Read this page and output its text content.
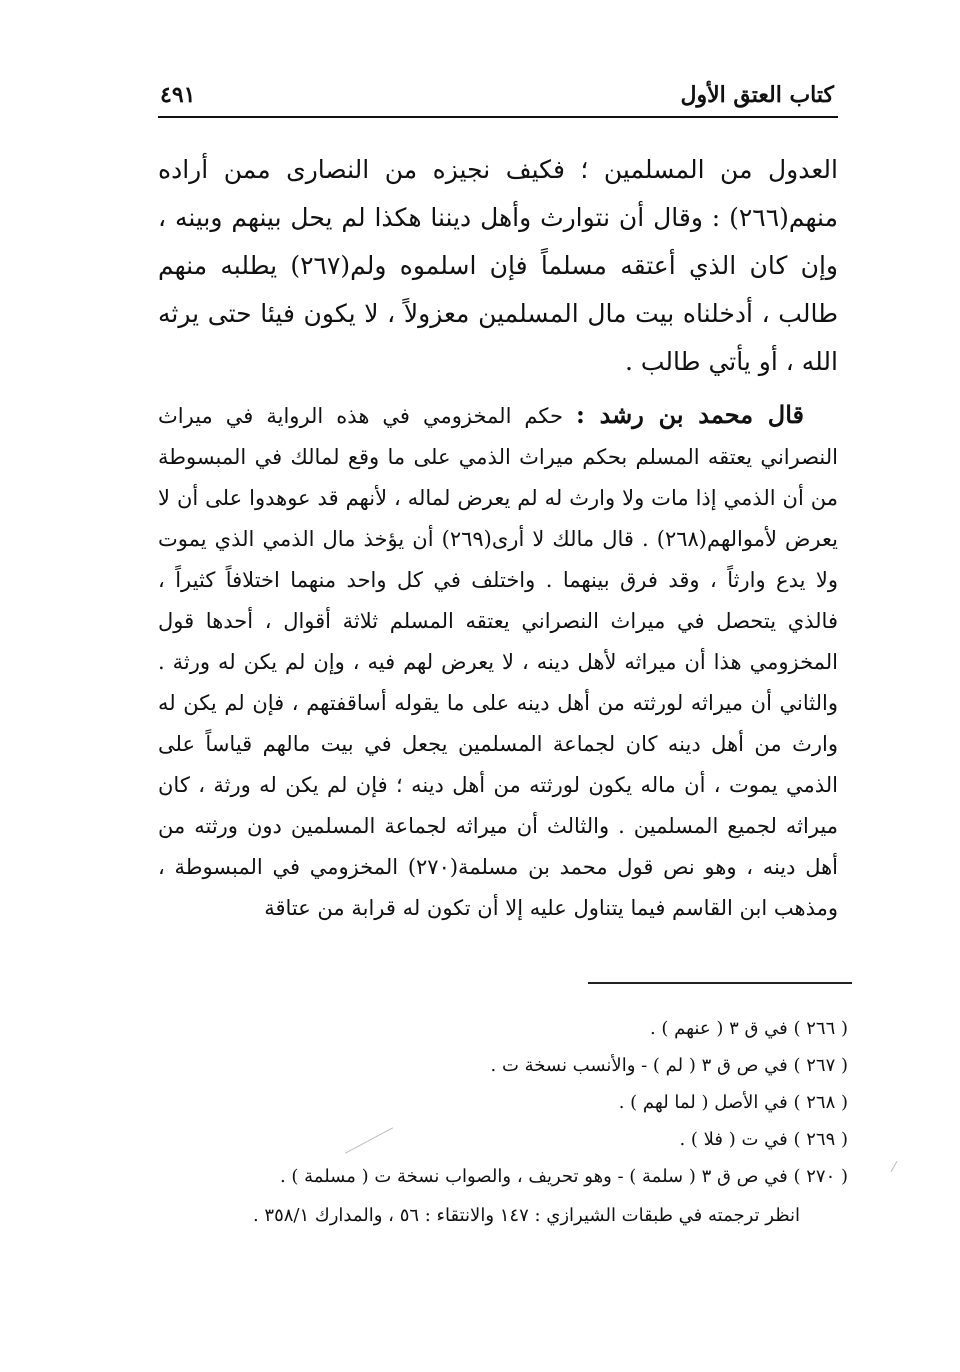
كتاب العتق الأول
٤٩١

العدول من المسلمين ؛ فكيف نجيزه من النصارى ممن أراده منهم(٢٦٦) : وقال أن نتوارث وأهل ديننا هكذا لم يحل بينهم وبينه ، وإن كان الذي أعتقه مسلماً فإن اسلموه ولم(٢٦٧) يطلبه منهم طالب ، أدخلناه بيت مال المسلمين معزولاً ، لا يكون فيئا حتى يرثه الله ، أو يأتي طالب .

قال محمد بن رشد : حكم المخزومي في هذه الرواية في ميراث النصراني يعتقه المسلم بحكم ميراث الذمي على ما وقع لمالك في المبسوطة من أن الذمي إذا مات ولا وارث له لم يعرض لماله ، لأنهم قد عوهدوا على أن لا يعرض لأموالهم(٢٦٨) . قال مالك لا أرى(٢٦٩) أن يؤخذ مال الذمي الذي يموت ولا يدع وارثاً ، وقد فرق بينهما . واختلف في كل واحد منهما اختلافاً كثيراً ، فالذي يتحصل في ميراث النصراني يعتقه المسلم ثلاثة أقوال ، أحدها قول المخزومي هذا أن ميراثه لأهل دينه ، لا يعرض لهم فيه ، وإن لم يكن له ورثة . والثاني أن ميراثه لورثته من أهل دينه على ما يقوله أساقفتهم ، فإن لم يكن له وارث من أهل دينه كان لجماعة المسلمين يجعل في بيت مالهم قياساً على الذمي يموت ، أن ماله يكون لورثته من أهل دينه ؛ فإن لم يكن له ورثة ، كان ميراثه لجميع المسلمين . والثالث أن ميراثه لجماعة المسلمين دون ورثته من أهل دينه ، وهو نص قول محمد بن مسلمة(٢٧٠) المخزومي في المبسوطة ، ومذهب ابن القاسم فيما يتناول عليه إلا أن تكون له قرابة من عتاقة

( ٢٦٦ ) في ق ٣ ( عنهم ) .

( ٢٦٧ ) في ص ق ٣ ( لم ) - والأنسب نسخة ت .

( ٢٦٨ ) في الأصل ( لما لهم ) .

( ٢٦٩ ) في ت ( فلا ) .

( ٢٧٠ ) في ص ق ٣ ( سلمة ) - وهو تحريف ، والصواب نسخة ت ( مسلمة ) .

انظر ترجمته في طبقات الشيرازي : ١٤٧ والانتقاء : ٥٦ ، والمدارك ٣٥٨/١ .
